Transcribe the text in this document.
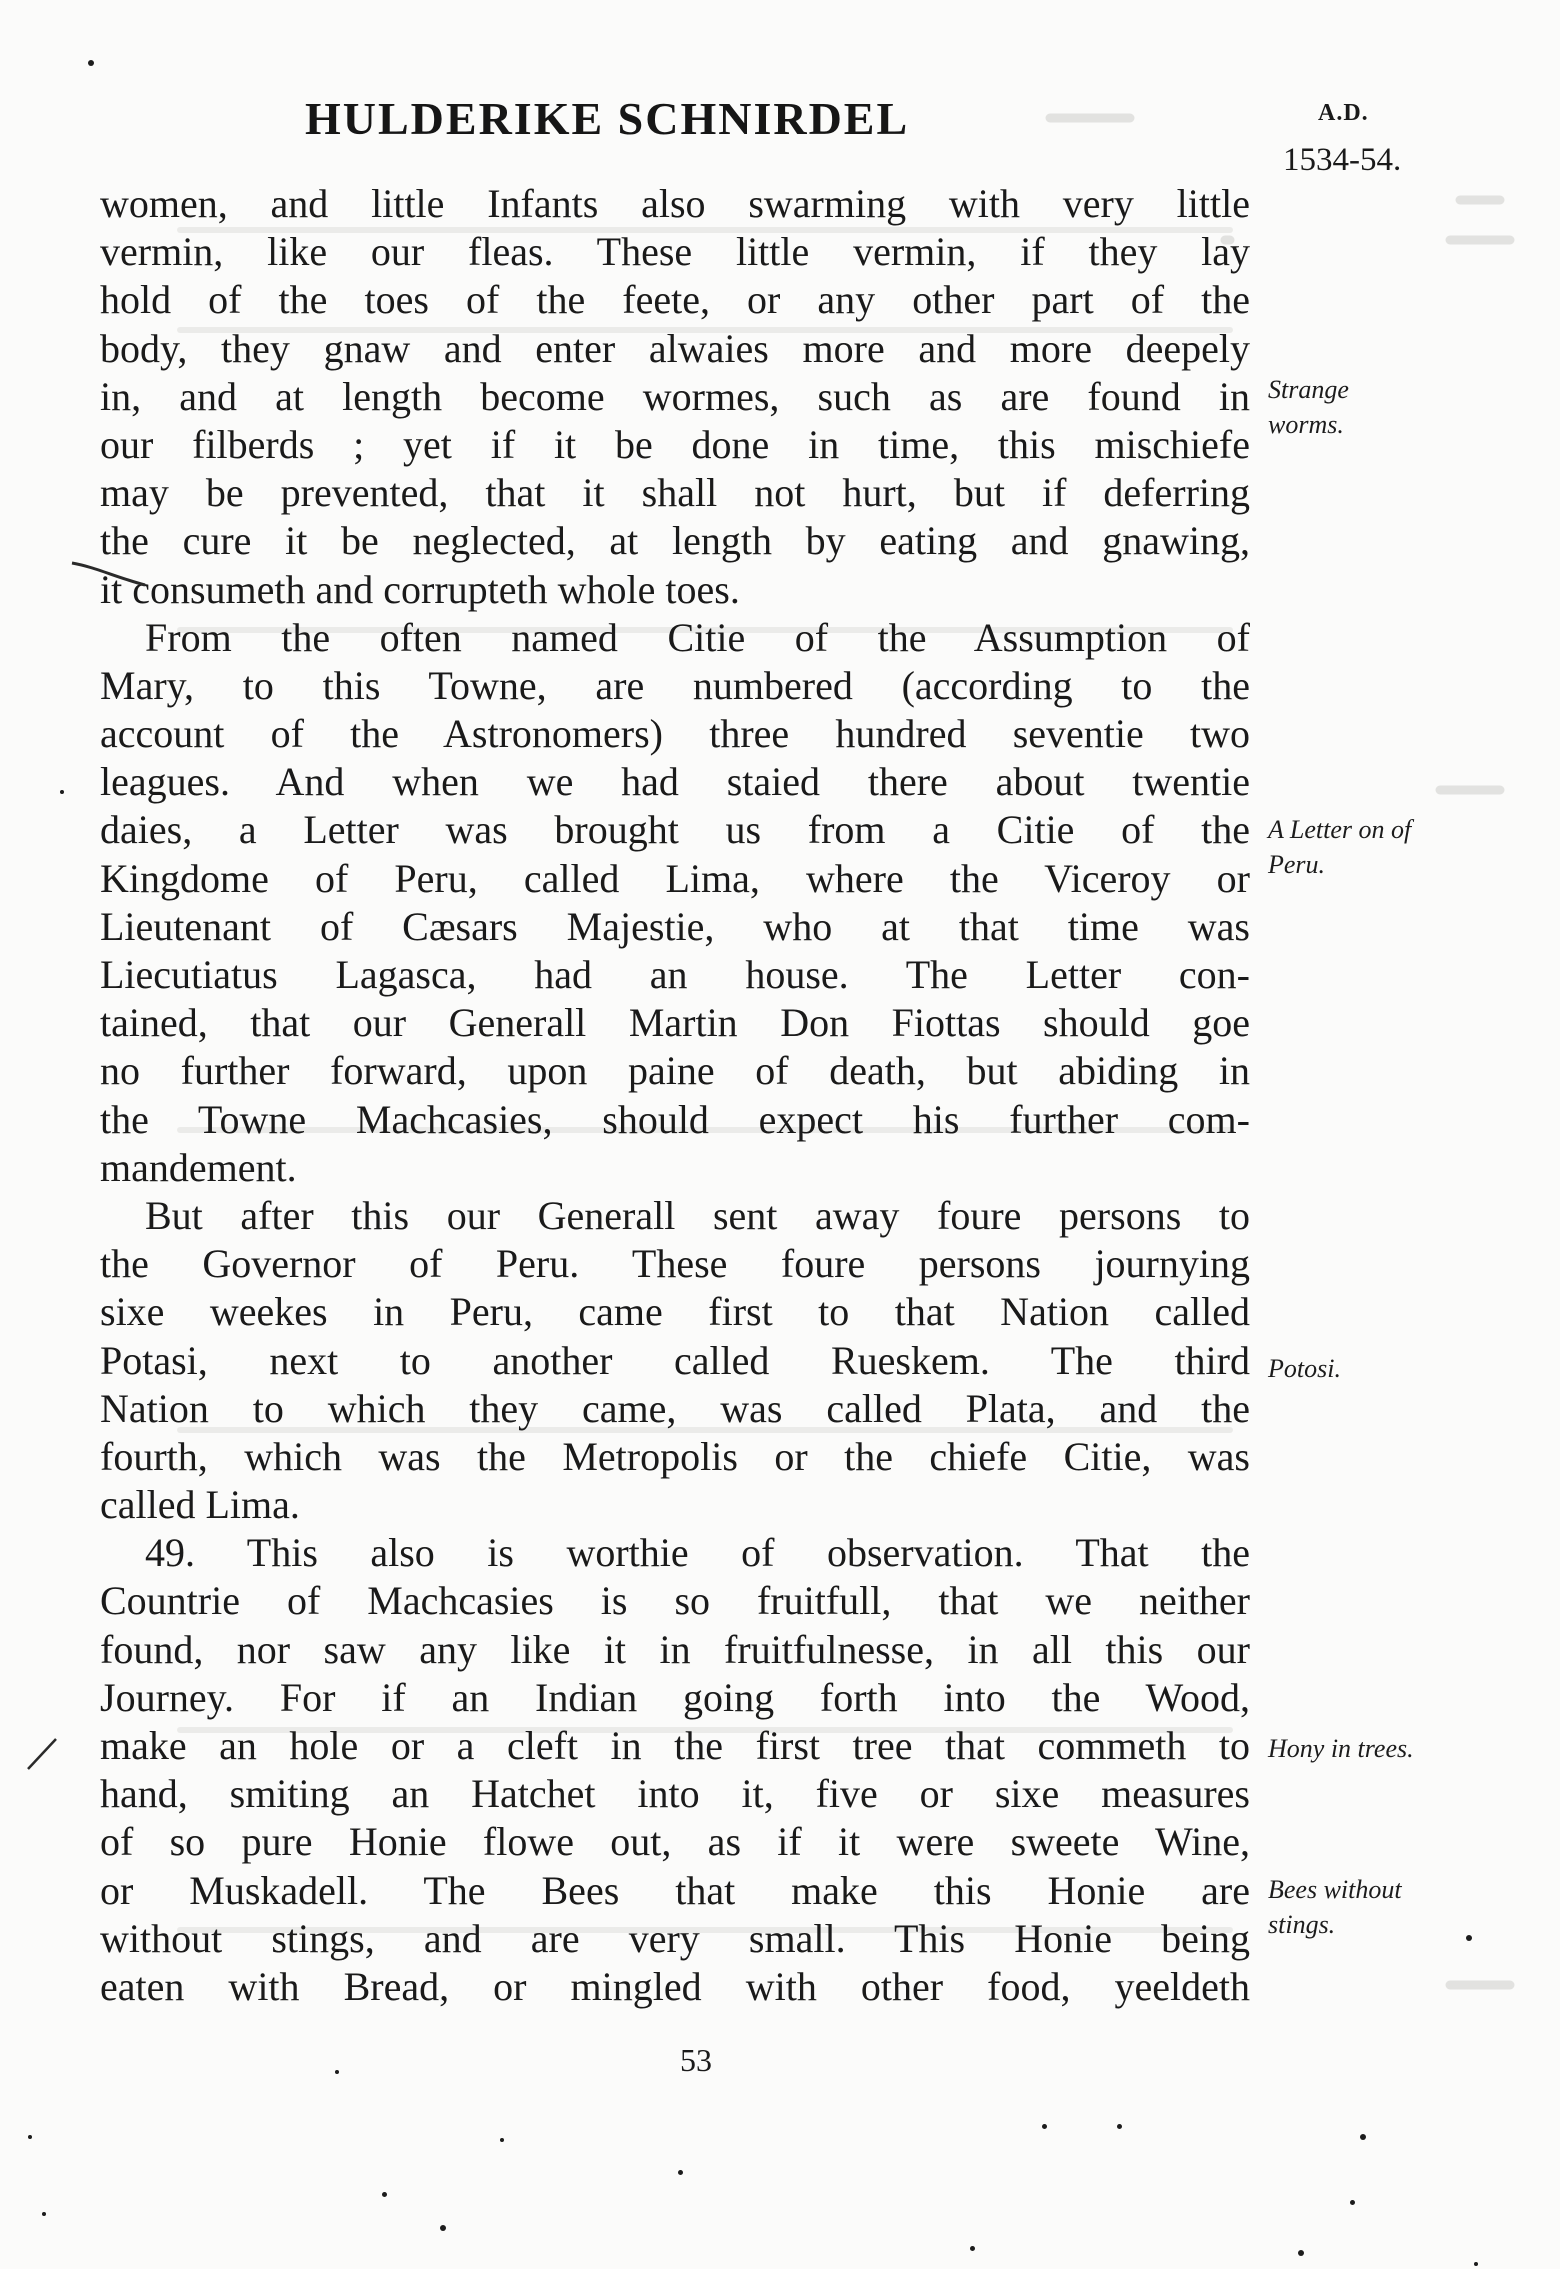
HULDERIKE SCHNIRDEL	A.D.
1534-54.
women, and little Infants also swarming with very little
vermin, like our fleas. These little vermin, if they lay
hold of the toes of the feete, or any other part of the
body, they gnaw and enter alwaies more and more deepely
in, and at length become wormes, such as are found in
our filberds ; yet if it be done in time, this mischiefe
may be prevented, that it shall not hurt, but if deferring
the cure it be neglected, at length by eating and gnawing,
it consumeth and corrupteth whole toes.
From the often named Citie of the Assumption of
Mary, to this Towne, are numbered (according to the
account of the Astronomers) three hundred seventie two
leagues. And when we had staied there about twentie
daies, a Letter was brought us from a Citie of the
Kingdome of Peru, called Lima, where the Viceroy or
Lieutenant of Cæsars Majestie, who at that time was
Liecutiatus Lagasca, had an house. The Letter con-
tained, that our Generall Martin Don Fiottas should goe
no further forward, upon paine of death, but abiding in
the Towne Machcasies, should expect his further com-
mandement.
But after this our Generall sent away foure persons to
the Governor of Peru. These foure persons journying
sixe weekes in Peru, came first to that Nation called
Potasi, next to another called Rueskem. The third
Nation to which they came, was called Plata, and the
fourth, which was the Metropolis or the chiefe Citie, was
called Lima.
49. This also is worthie of observation. That the
Countrie of Machcasies is so fruitfull, that we neither
found, nor saw any like it in fruitfulnesse, in all this our
Journey. For if an Indian going forth into the Wood,
make an hole or a cleft in the first tree that commeth to
hand, smiting an Hatchet into it, five or sixe measures
of so pure Honie flowe out, as if it were sweete Wine,
or Muskadell. The Bees that make this Honie are
without stings, and are very small. This Honie being
eaten with Bread, or mingled with other food, yeeldeth
Strange
worms.
A Letter on of
Peru.
Potosi.
Hony in trees.
Bees without
stings.
53
